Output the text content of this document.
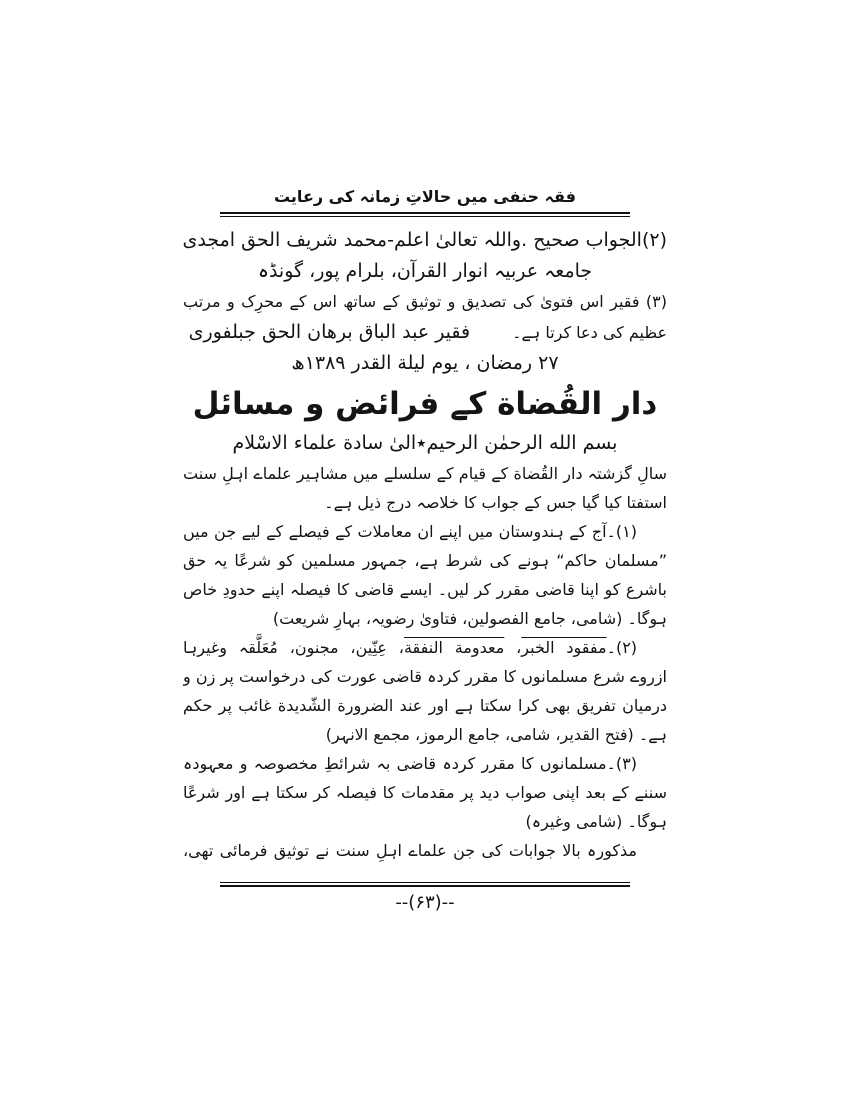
فقہ حنفی میں حالاتِ زمانہ کی رعایت
(۲)الجواب صحیح .واللہ تعالیٰ اعلم-محمد شریف الحق امجدی
جامعہ عربیہ انوار القرآن، بلرام پور، گونڈہ
(۳) فقیر اس فتویٰ کی تصدیق و توثیق کے ساتھ اس کے محرِک و مرتب
عظیم کی دعا کرتا ہے۔
فقیر عبد الباق برهان الحق جبلفوری
۲۷ رمضان ، یوم لیلة القدر ۱۳۸۹ھ
دار القُضاة کے فرائض و مسائل
بسم الله الرحمٰن الرحیم٭الیٰ سادة علماء الاسْلام
سالِ گزشتہ دار القُضاة کے قیام کے سلسلے میں مشاہیر علماے اہلِ سنت
استفتا کیا گیا جس کے جواب کا خلاصہ درج ذیل ہے۔
(۱)۔آج کے ہندوستان میں اپنے ان معاملات کے فیصلے کے لیے جن میں
”مسلمان حاکم“ ہونے کی شرط ہے، جمہور مسلمین کو شرعًا یہ حق
باشرع کو اپنا قاضی مقرر کر لیں۔ ایسے قاضی کا فیصلہ اپنے حدودِ خاص
ہوگا۔ (شامی، جامع الفصولین، فتاویٰ رضویہ، بہارِ شریعت)
(۲)۔مفقود الخبر، معدومة النفقة، عِنِّین، مجنون، مُعَلَّقہ وغیرہا
ازروے شرع مسلمانوں کا مقرر کردہ قاضی عورت کی درخواست پر زن و
درمیان تفریق بھی کرا سکتا ہے اور عند الضرورة الشّدیدة غائب پر حکم
ہے۔ (فتح القدیر، شامی، جامع الرموز، مجمع الانہر)
(۳)۔مسلمانوں کا مقرر کردہ قاضی بہ شرائطِ مخصوصہ و معہودہ
سننے کے بعد اپنی صواب دید پر مقدمات کا فیصلہ کر سکتا ہے اور شرعًا
ہوگا۔ (شامی وغیرہ)
مذکورہ بالا جوابات کی جن علماے اہلِ سنت نے توثیق فرمائی تھی،
--(۶۳)--
